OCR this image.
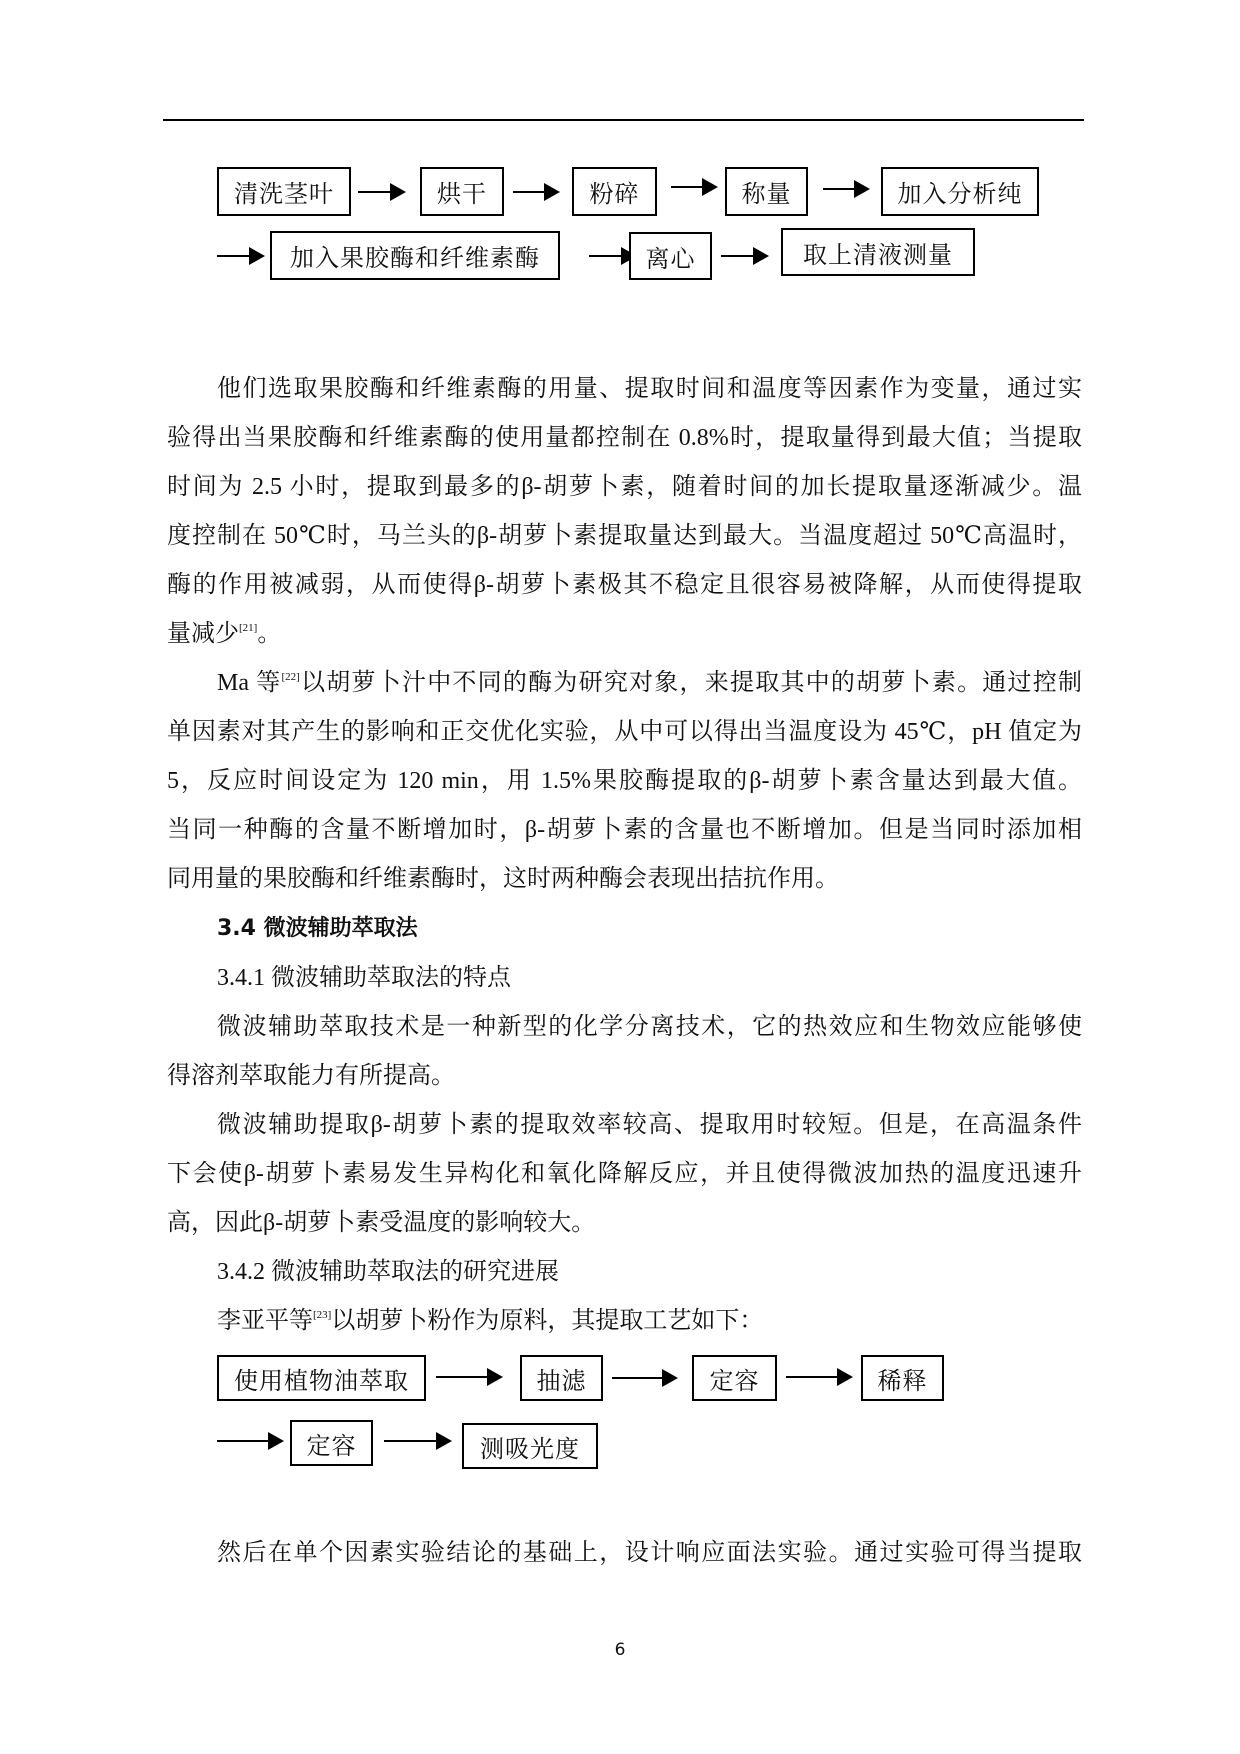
清洗茎叶	烘干	粉碎	称量	加入分析纯
加入果胶酶和纤维素酶	离心	取上清液测量
他们选取果胶酶和纤维素酶的用量、提取时间和温度等因素作为变量，通过实
验得出当果胶酶和纤维素酶的使用量都控制在 0.8%时，提取量得到最大值；当提取
时间为 2.5 小时，提取到最多的β-胡萝卜素，随着时间的加长提取量逐渐减少。温
度控制在 50℃时，马兰头的β-胡萝卜素提取量达到最大。当温度超过 50℃高温时，
酶的作用被减弱，从而使得β-胡萝卜素极其不稳定且很容易被降解，从而使得提取
量减少[21]。
Ma 等[22]以胡萝卜汁中不同的酶为研究对象，来提取其中的胡萝卜素。通过控制
单因素对其产生的影响和正交优化实验，从中可以得出当温度设为 45℃，pH 值定为
5，反应时间设定为 120 min，用 1.5%果胶酶提取的β-胡萝卜素含量达到最大值。
当同一种酶的含量不断增加时，β-胡萝卜素的含量也不断增加。但是当同时添加相
同用量的果胶酶和纤维素酶时，这时两种酶会表现出拮抗作用。
3.4 微波辅助萃取法
3.4.1 微波辅助萃取法的特点
微波辅助萃取技术是一种新型的化学分离技术，它的热效应和生物效应能够使
得溶剂萃取能力有所提高。
微波辅助提取β-胡萝卜素的提取效率较高、提取用时较短。但是，在高温条件
下会使β-胡萝卜素易发生异构化和氧化降解反应，并且使得微波加热的温度迅速升
高，因此β-胡萝卜素受温度的影响较大。
3.4.2 微波辅助萃取法的研究进展
李亚平等[23]以胡萝卜粉作为原料，其提取工艺如下：
使用植物油萃取	抽滤	定容	稀释
定容	测吸光度
然后在单个因素实验结论的基础上，设计响应面法实验。通过实验可得当提取
6
